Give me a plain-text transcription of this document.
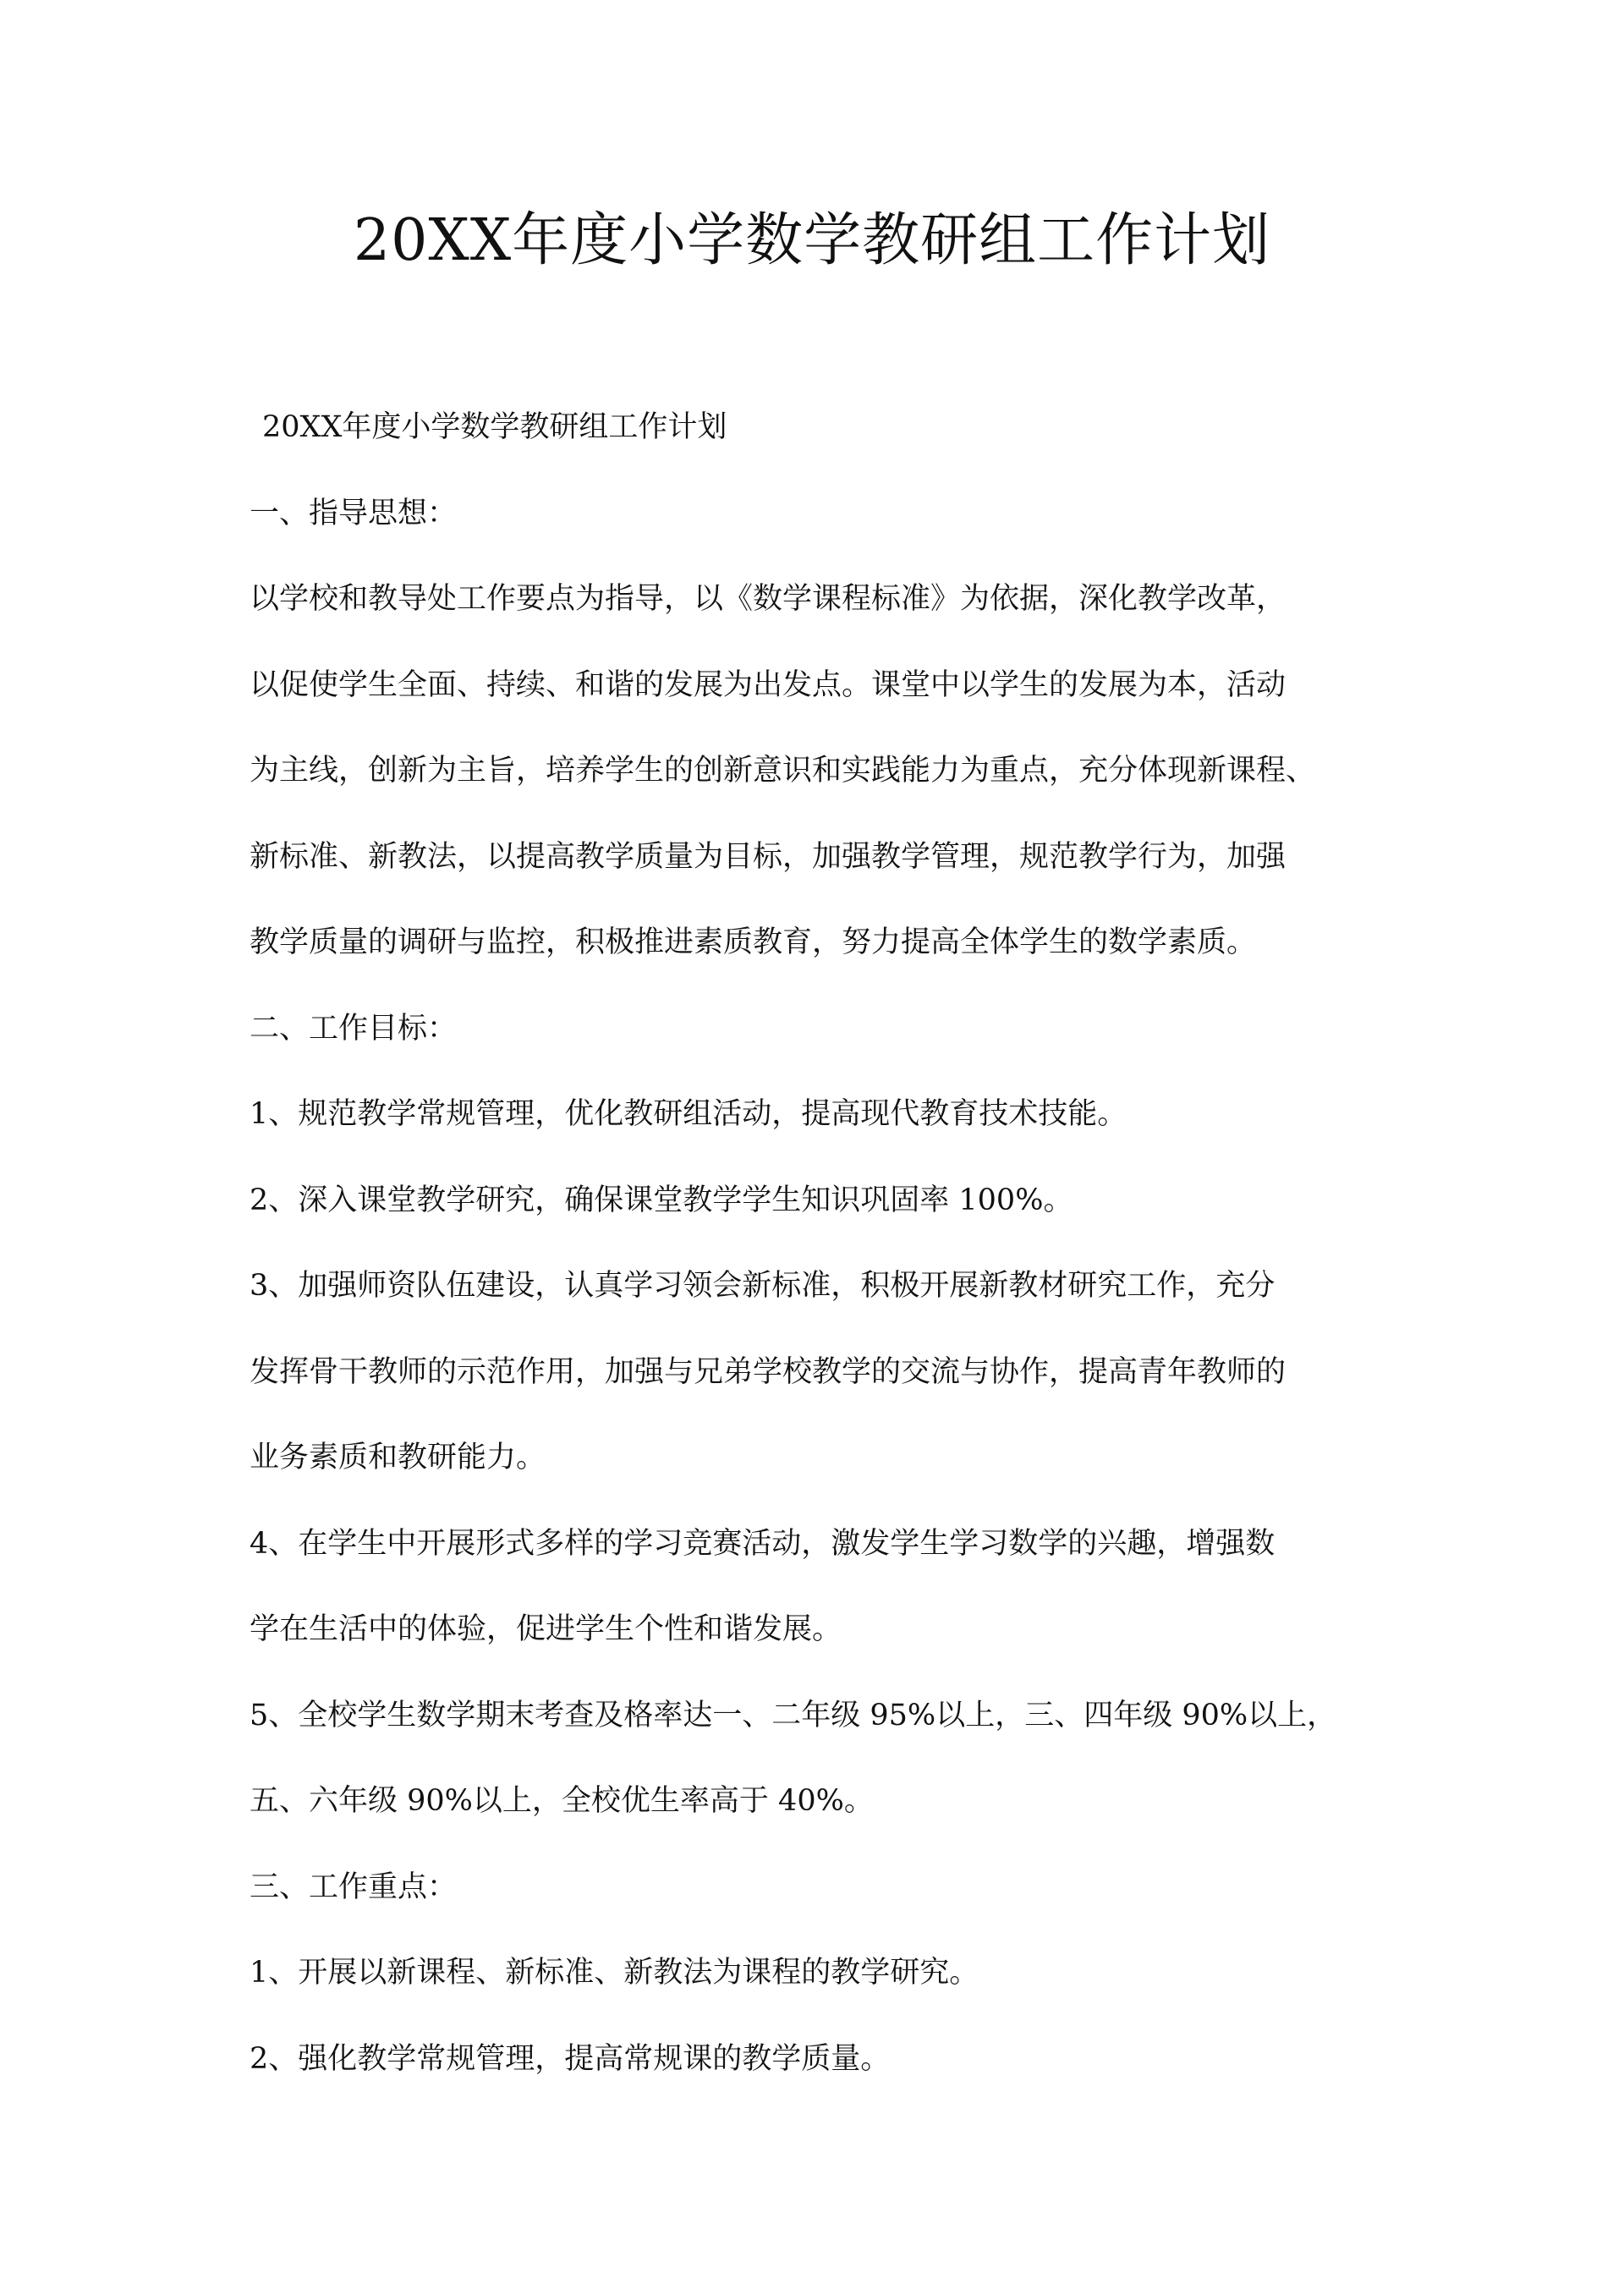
20XX年度小学数学教研组工作计划

20XX年度小学数学教研组工作计划

一、指导思想：

以学校和教导处工作要点为指导，以《数学课程标准》为依据，深化教学改革，

以促使学生全面、持续、和谐的发展为出发点。课堂中以学生的发展为本，活动

为主线，创新为主旨，培养学生的创新意识和实践能力为重点，充分体现新课程、

新标准、新教法，以提高教学质量为目标，加强教学管理，规范教学行为，加强

教学质量的调研与监控，积极推进素质教育，努力提高全体学生的数学素质。

二、工作目标：

1、规范教学常规管理，优化教研组活动，提高现代教育技术技能。

2、深入课堂教学研究，确保课堂教学学生知识巩固率 100%。

3、加强师资队伍建设，认真学习领会新标准，积极开展新教材研究工作，充分

发挥骨干教师的示范作用，加强与兄弟学校教学的交流与协作，提高青年教师的

业务素质和教研能力。

4、在学生中开展形式多样的学习竞赛活动，激发学生学习数学的兴趣，增强数

学在生活中的体验，促进学生个性和谐发展。

5、全校学生数学期末考查及格率达一、二年级 95%以上，三、四年级 90%以上，

五、六年级 90%以上，全校优生率高于 40%。

三、工作重点：

1、开展以新课程、新标准、新教法为课程的教学研究。

2、强化教学常规管理，提高常规课的教学质量。
